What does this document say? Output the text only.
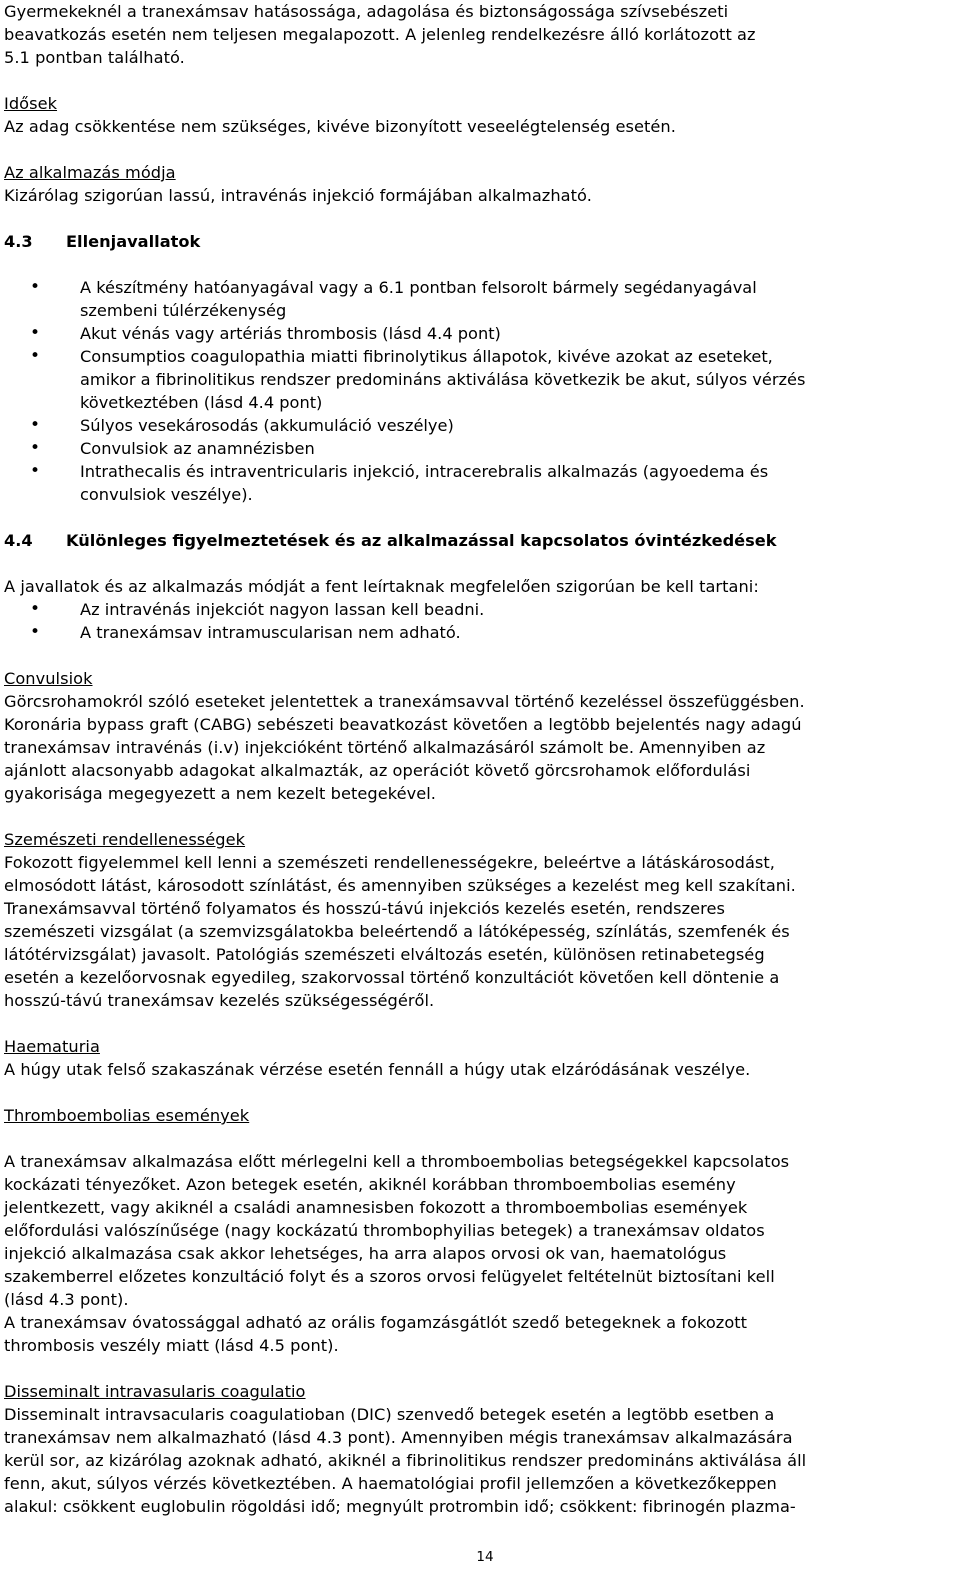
Gyermekeknél a tranexámsav hatásossága, adagolása és biztonságossága szívsebészeti

beavatkozás esetén nem teljesen megalapozott. A jelenleg rendelkezésre álló korlátozott az

5.1 pontban található.

Idősek

Az adag csökkentése nem szükséges, kivéve bizonyított veseelégtelenség esetén.

Az alkalmazás módja

Kizárólag szigorúan lassú, intravénás injekció formájában alkalmazható.

4.3 Ellenjavallatok

• A készítmény hatóanyagával vagy a 6.1 pontban felsorolt bármely segédanyagával
szembeni túlérzékenység
• Akut vénás vagy artériás thrombosis (lásd 4.4 pont)
• Consumptios coagulopathia miatti fibrinolytikus állapotok, kivéve azokat az eseteket,
amikor a fibrinolitikus rendszer predomináns aktiválása következik be akut, súlyos vérzés
következtében (lásd 4.4 pont)
• Súlyos vesekárosodás (akkumuláció veszélye)
• Convulsiok az anamnézisben
• Intrathecalis és intraventricularis injekció, intracerebralis alkalmazás (agyoedema és
convulsiok veszélye).

4.4 Különleges figyelmeztetések és az alkalmazással kapcsolatos óvintézkedések

A javallatok és az alkalmazás módját a fent leírtaknak megfelelően szigorúan be kell tartani:

• Az intravénás injekciót nagyon lassan kell beadni.
• A tranexámsav intramuscularisan nem adható.

Convulsiok

Görcsrohamokról szóló eseteket jelentettek a tranexámsavval történő kezeléssel összefüggésben.

Koronária bypass graft (CABG) sebészeti beavatkozást követően a legtöbb bejelentés nagy adagú

tranexámsav intravénás (i.v) injekcióként történő alkalmazásáról számolt be. Amennyiben az

ajánlott alacsonyabb adagokat alkalmazták, az operációt követő görcsrohamok előfordulási

gyakorisága megegyezett a nem kezelt betegekével.

Szemészeti rendellenességek

Fokozott figyelemmel kell lenni a szemészeti rendellenességekre, beleértve a látáskárosodást,

elmosódott látást, károsodott színlátást, és amennyiben szükséges a kezelést meg kell szakítani.

Tranexámsavval történő folyamatos és hosszú-távú injekciós kezelés esetén, rendszeres

szemészeti vizsgálat (a szemvizsgálatokba beleértendő a látóképesség, színlátás, szemfenék és

látótérvizsgálat) javasolt. Patológiás szemészeti elváltozás esetén, különösen retinabetegség

esetén a kezelőorvosnak egyedileg, szakorvossal történő konzultációt követően kell döntenie a

hosszú-távú tranexámsav kezelés szükségességéről.

Haematuria

A húgy utak felső szakaszának vérzése esetén fennáll a húgy utak elzáródásának veszélye.

Thromboembolias események

A tranexámsav alkalmazása előtt mérlegelni kell a thromboembolias betegségekkel kapcsolatos

kockázati tényezőket. Azon betegek esetén, akiknél korábban thromboembolias esemény

jelentkezett, vagy akiknél a családi anamnesisben fokozott a thromboembolias események

előfordulási valószínűsége (nagy kockázatú thrombophyilias betegek) a tranexámsav oldatos

injekció alkalmazása csak akkor lehetséges, ha arra alapos orvosi ok van, haematológus

szakemberrel előzetes konzultáció folyt és a szoros orvosi felügyelet feltételnüt biztosítani kell

(lásd 4.3 pont).

A tranexámsav óvatossággal adható az orális fogamzásgátlót szedő betegeknek a fokozott

thrombosis veszély miatt (lásd 4.5 pont).

Disseminalt intravasularis coagulatio

Disseminalt intravsacularis coagulatioban (DIC) szenvedő betegek esetén a legtöbb esetben a

tranexámsav nem alkalmazható (lásd 4.3 pont). Amennyiben mégis tranexámsav alkalmazására

kerül sor, az kizárólag azoknak adható, akiknél a fibrinolitikus rendszer predomináns aktiválása áll

fenn, akut, súlyos vérzés következtében. A haematológiai profil jellemzően a következőkeppen

alakul: csökkent euglobulin rögoldási idő; megnyúlt protrombin idő; csökkent: fibrinogén plazma-

14
